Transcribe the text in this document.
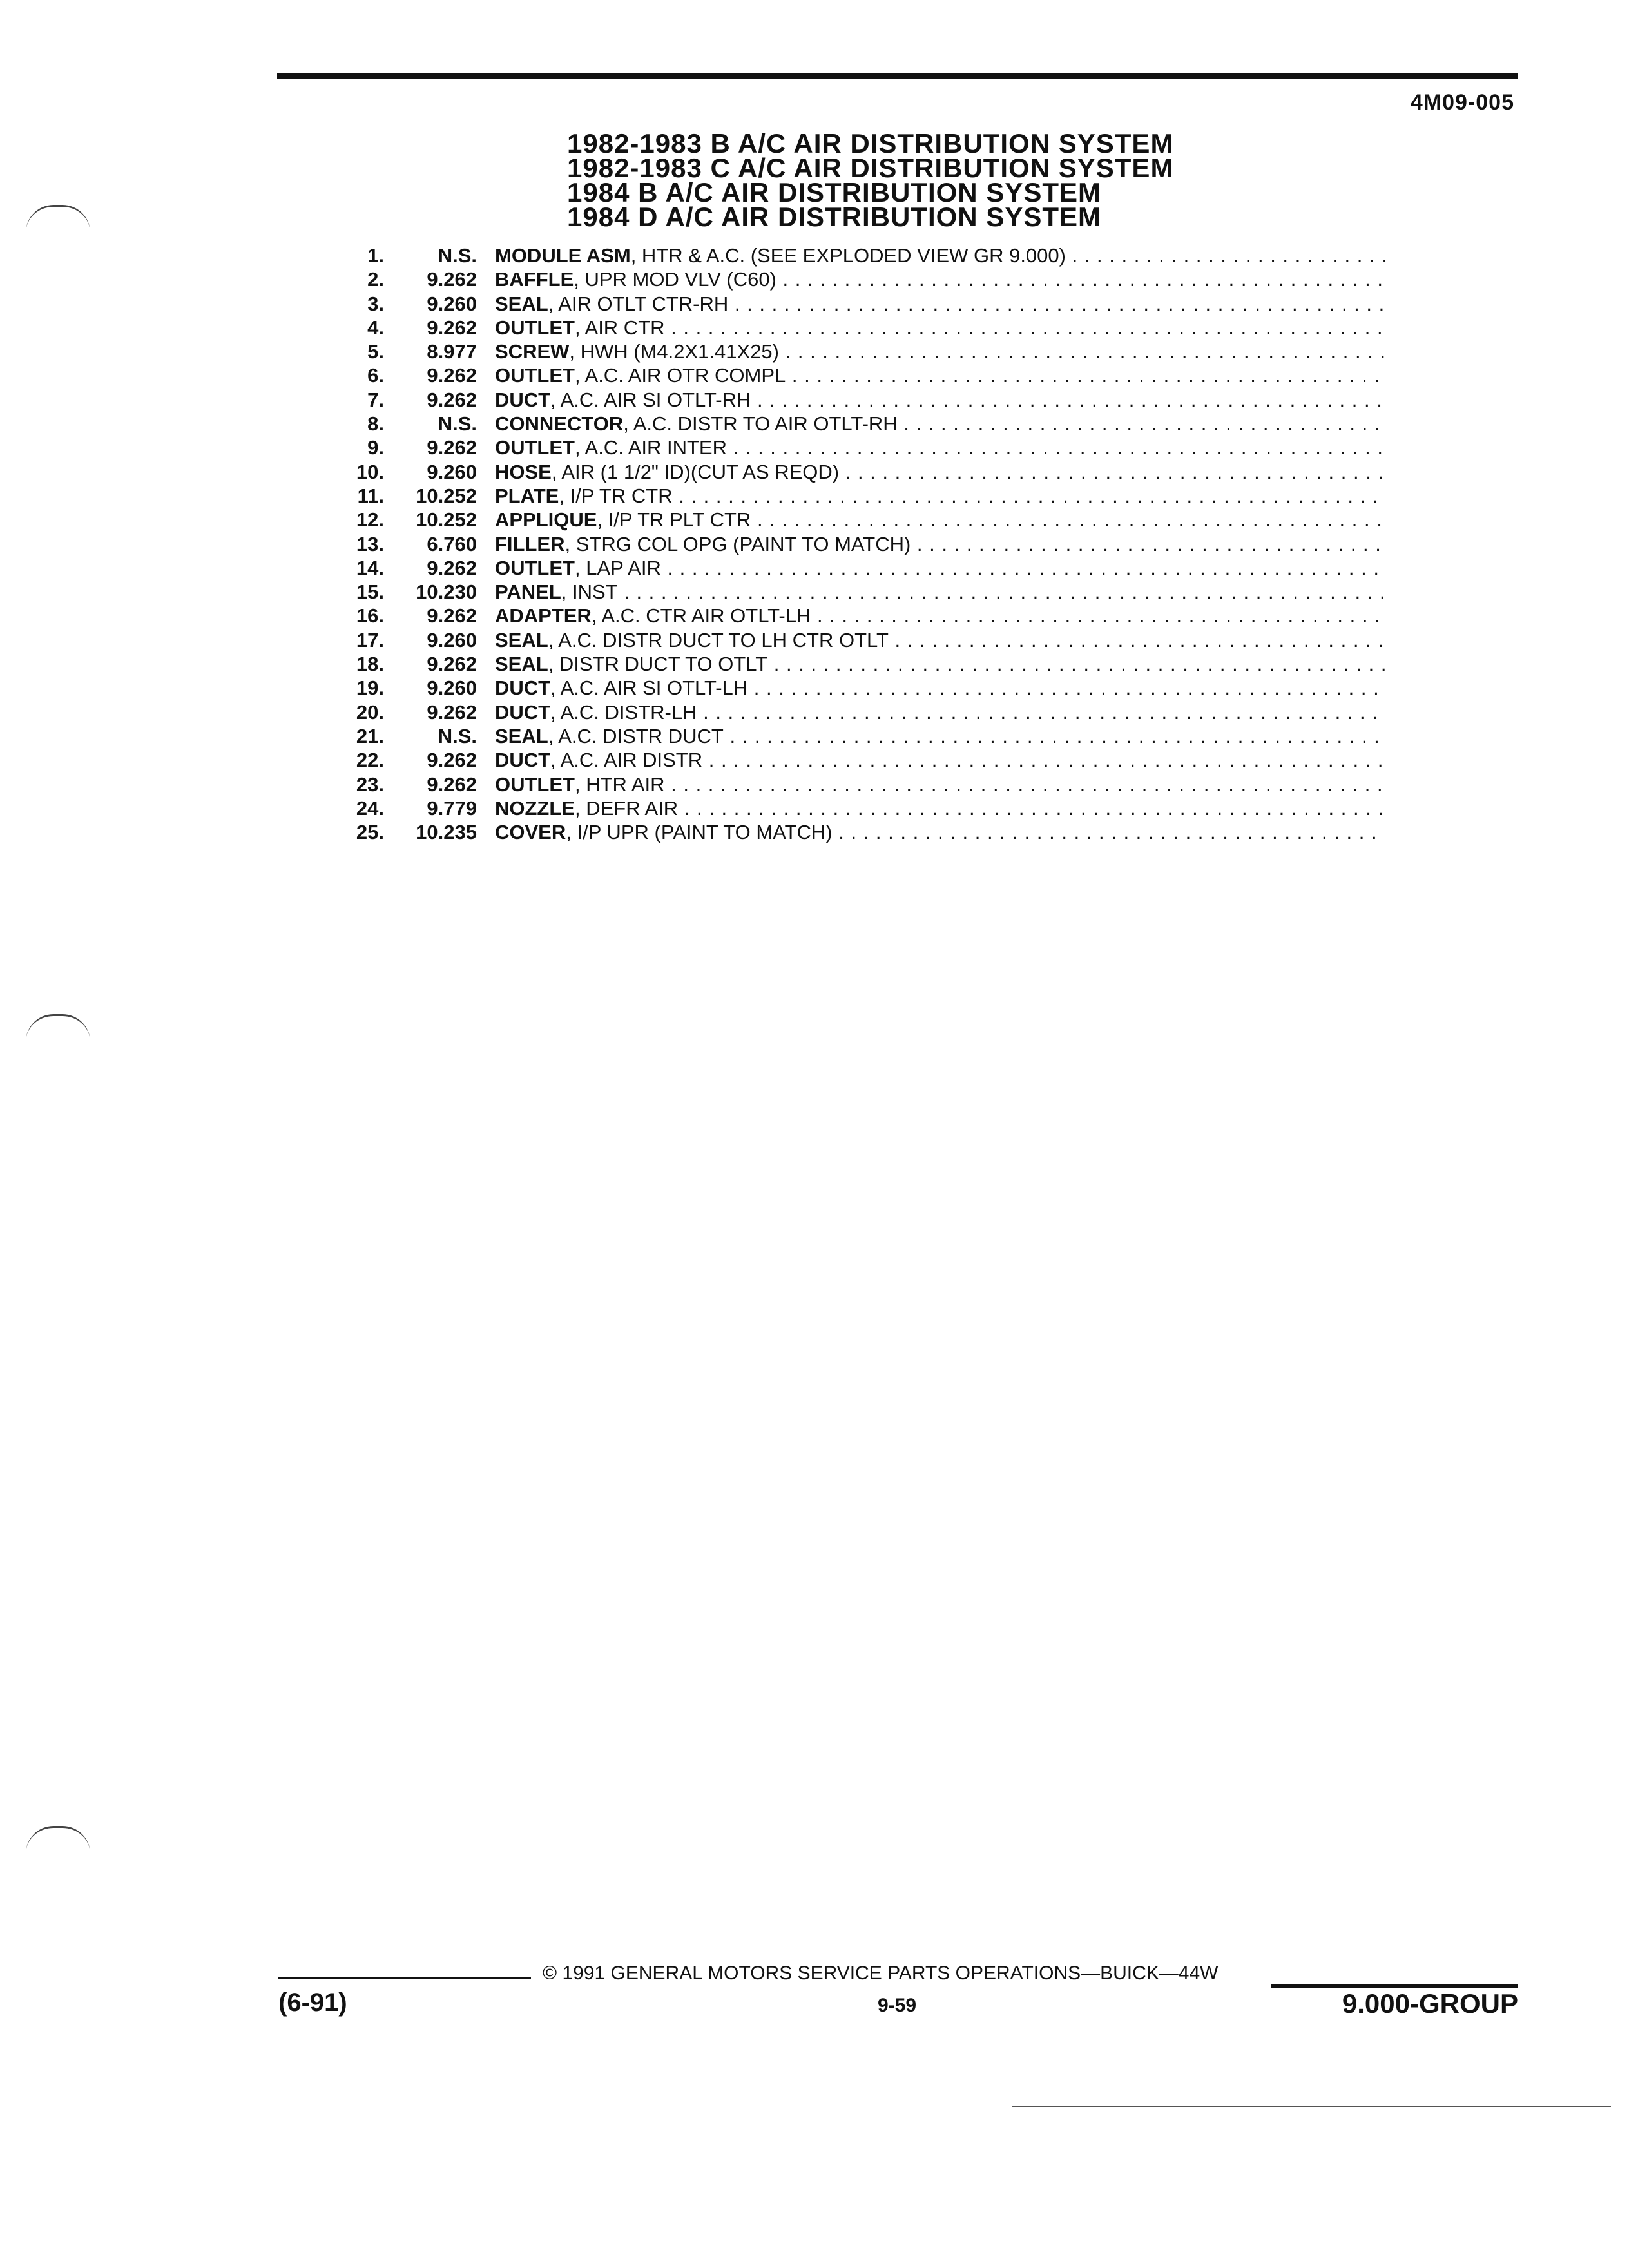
4M09-005
1982-1983 B A/C AIR DISTRIBUTION SYSTEM
1982-1983 C A/C AIR DISTRIBUTION SYSTEM
1984 B A/C AIR DISTRIBUTION SYSTEM
1984 D A/C AIR DISTRIBUTION SYSTEM
1.	N.S. MODULE ASM, HTR & A.C. (SEE EXPLODED VIEW GR 9.000) . . .
2.	9.262 BAFFLE, UPR MOD VLV (C60) . . .
3.	9.260 SEAL, AIR OTLT CTR-RH . . .
4.	9.262 OUTLET, AIR CTR . . .
5.	8.977 SCREW, HWH (M4.2X1.41X25) . . .
6.	9.262 OUTLET, A.C. AIR OTR COMPL . . .
7.	9.262 DUCT, A.C. AIR SI OTLT-RH . . .
8.	N.S. CONNECTOR, A.C. DISTR TO AIR OTLT-RH . . .
9.	9.262 OUTLET, A.C. AIR INTER . . .
10.	9.260 HOSE, AIR (1 1/2" ID)(CUT AS REQD) . . .
11.	10.252 PLATE, I/P TR CTR . . .
12.	10.252 APPLIQUE, I/P TR PLT CTR . . .
13.	6.760 FILLER, STRG COL OPG (PAINT TO MATCH) . . .
14.	9.262 OUTLET, LAP AIR . . .
15.	10.230 PANEL, INST . . .
16.	9.262 ADAPTER, A.C. CTR AIR OTLT-LH . . .
17.	9.260 SEAL, A.C. DISTR DUCT TO LH CTR OTLT . . .
18.	9.262 SEAL, DISTR DUCT TO OTLT . . .
19.	9.260 DUCT, A.C. AIR SI OTLT-LH . . .
20.	9.262 DUCT, A.C. DISTR-LH . . .
21.	N.S. SEAL, A.C. DISTR DUCT . . .
22.	9.262 DUCT, A.C. AIR DISTR . . .
23.	9.262 OUTLET, HTR AIR . . .
24.	9.779 NOZZLE, DEFR AIR . . .
25.	10.235 COVER, I/P UPR (PAINT TO MATCH) . . .
© 1991 GENERAL MOTORS SERVICE PARTS OPERATIONS—BUICK—44W
(6-91)	9-59	9.000-GROUP
